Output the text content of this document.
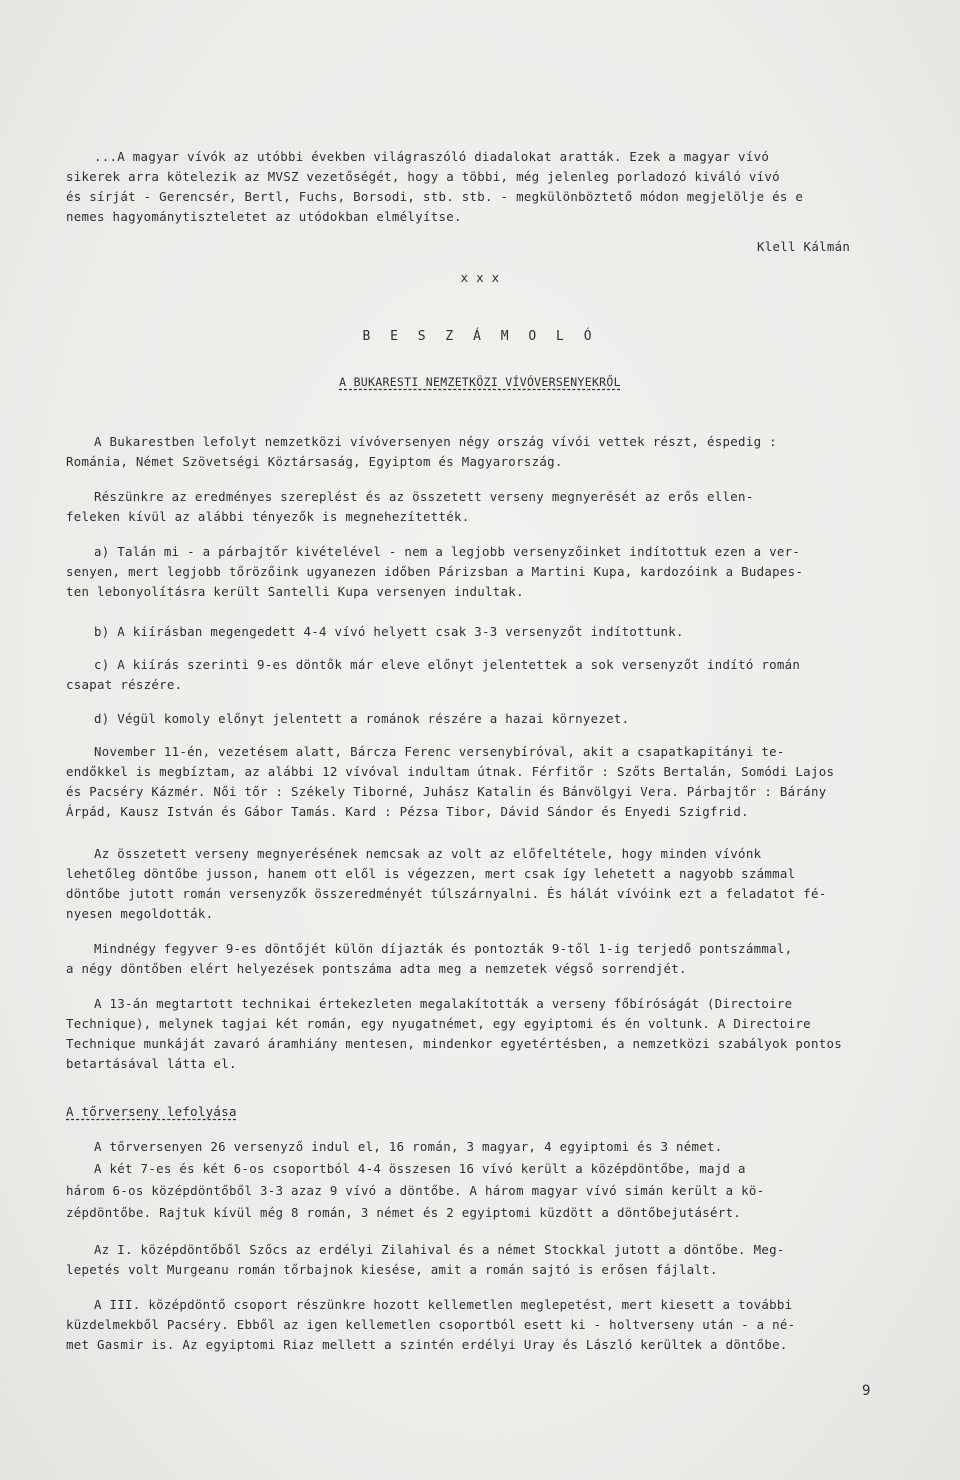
...A magyar vívók az utóbbi években világraszóló diadalokat aratták. Ezek a magyar vívó
sikerek arra kötelezik az MVSZ vezetőségét, hogy a többi, még jelenleg porladozó kiváló vívó
és sírját - Gerencsér, Bertl, Fuchs, Borsodi, stb. stb. - megkülönböztető módon megjelölje és e
nemes hagyománytiszteletet az utódokban elmélyítse.
Klell Kálmán
x x x
B E S Z Á M O L Ó
A BUKARESTI NEMZETKÖZI VÍVÓVERSENYEKRŐL
A Bukarestben lefolyt nemzetközi vívóversenyen négy ország vívói vettek részt, éspedig :
Románia, Német Szövetségi Köztársaság, Egyiptom és Magyarország.
Részünkre az eredményes szereplést és az összetett verseny megnyerését az erős ellen-
feleken kívül az alábbi tényezők is megnehezítették.
a) Talán mi - a párbajtőr kivételével - nem a legjobb versenyzőinket indítottuk ezen a ver-
senyen, mert legjobb tőrözőink ugyanezen időben Párizsban a Martini Kupa, kardozóink a Budapes-
ten lebonyolításra került Santelli Kupa versenyen indultak.
b) A kiírásban megengedett 4-4 vívó helyett csak 3-3 versenyzőt indítottunk.
c) A kiírás szerinti 9-es döntők már eleve előnyt jelentettek a sok versenyzőt indító román
csapat részére.
d) Végül komoly előnyt jelentett a románok részére a hazai környezet.
November 11-én, vezetésem alatt, Bárcza Ferenc versenybíróval, akit a csapatkapitányi te-
endőkkel is megbíztam, az alábbi 12 vívóval indultam útnak. Férfitőr : Szőts Bertalán, Somódi Lajos
és Pacséry Kázmér. Női tőr : Székely Tiborné, Juhász Katalin és Bánvölgyi Vera. Párbajtőr : Bárány
Árpád, Kausz István és Gábor Tamás. Kard : Pézsa Tibor, Dávid Sándor és Enyedi Szigfrid.
Az összetett verseny megnyerésének nemcsak az volt az előfeltétele, hogy minden vívónk
lehetőleg döntőbe jusson, hanem ott elől is végezzen, mert csak így lehetett a nagyobb számmal
döntőbe jutott román versenyzők összeredményét túlszárnyalni. És hálát vívóink ezt a feladatot fé-
nyesen megoldották.
Mindnégy fegyver 9-es döntőjét külön díjazták és pontozták 9-től 1-ig terjedő pontszámmal,
a négy döntőben elért helyezések pontszáma adta meg a nemzetek végső sorrendjét.
A 13-án megtartott technikai értekezleten megalakították a verseny főbíróságát (Directoire
Technique), melynek tagjai két román, egy nyugatnémet, egy egyiptomi és én voltunk. A Directoire
Technique munkáját zavaró áramhiány mentesen, mindenkor egyetértésben, a nemzetközi szabályok pontos
betartásával látta el.
A tőrverseny lefolyása
A tőrversenyen 26 versenyző indul el, 16 román, 3 magyar, 4 egyiptomi és 3 német.
A két 7-es és két 6-os csoportból 4-4 összesen 16 vívó került a középdöntőbe, majd a
három 6-os középdöntőből 3-3 azaz 9 vívó a döntőbe. A három magyar vívó simán került a kö-
zépdöntőbe. Rajtuk kívül még 8 román, 3 német és 2 egyiptomi küzdött a döntőbejutásért.
Az I. középdöntőből Szőcs az erdélyi Zilahival és a német Stockkal jutott a döntőbe. Meg-
lepetés volt Murgeanu román tőrbajnok kiesése, amit a román sajtó is erősen fájlalt.
A III. középdöntő csoport részünkre hozott kellemetlen meglepetést, mert kiesett a további
küzdelmekből Pacséry. Ebből az igen kellemetlen csoportból esett ki - holtverseny után - a né-
met Gasmir is. Az egyiptomi Riaz mellett a szintén erdélyi Uray és László kerültek a döntőbe.
9
